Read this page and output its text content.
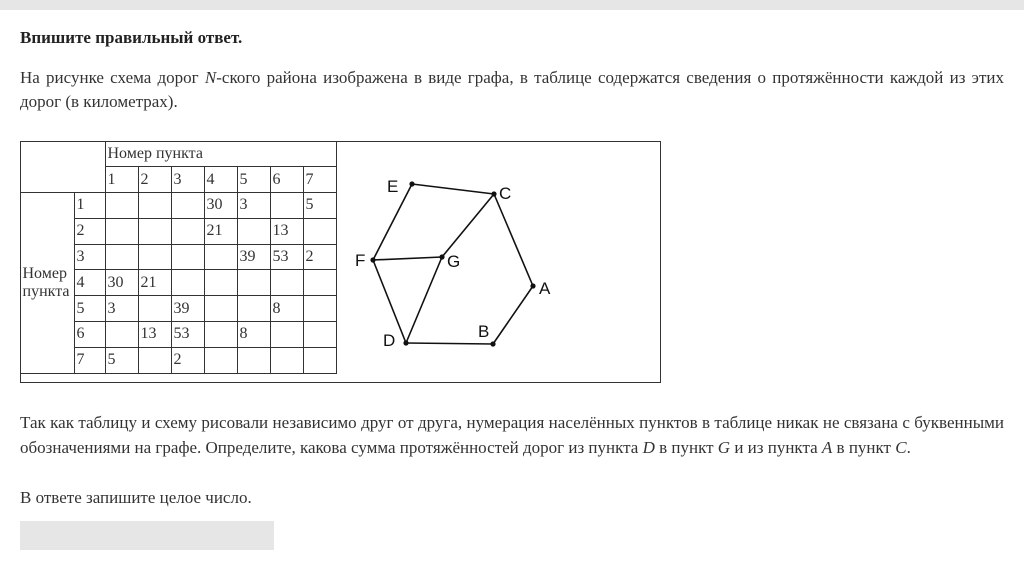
Впишите правильный ответ.
На рисунке схема дорог N-ского района изображена в виде графа, в таблице содержатся сведения о протяжённости каждой из этих дорог (в километрах).
		Номер пункта						
		1	2	3	4	5	6	7
Номер пункта	1				30	3		5
	2				21		13	
	3					39	53	2
	4	30	21					
	5	3		39			8	
	6		13	53		8		
	7	5		2				
E	C
F	G
A
B
D
Так как таблицу и схему рисовали независимо друг от друга, нумерация населённых пунктов в таблице никак не связана с буквенными обозначениями на графе. Определите, какова сумма протяжённостей дорог из пункта D в пункт G и из пункта A в пункт C.
В ответе запишите целое число.
